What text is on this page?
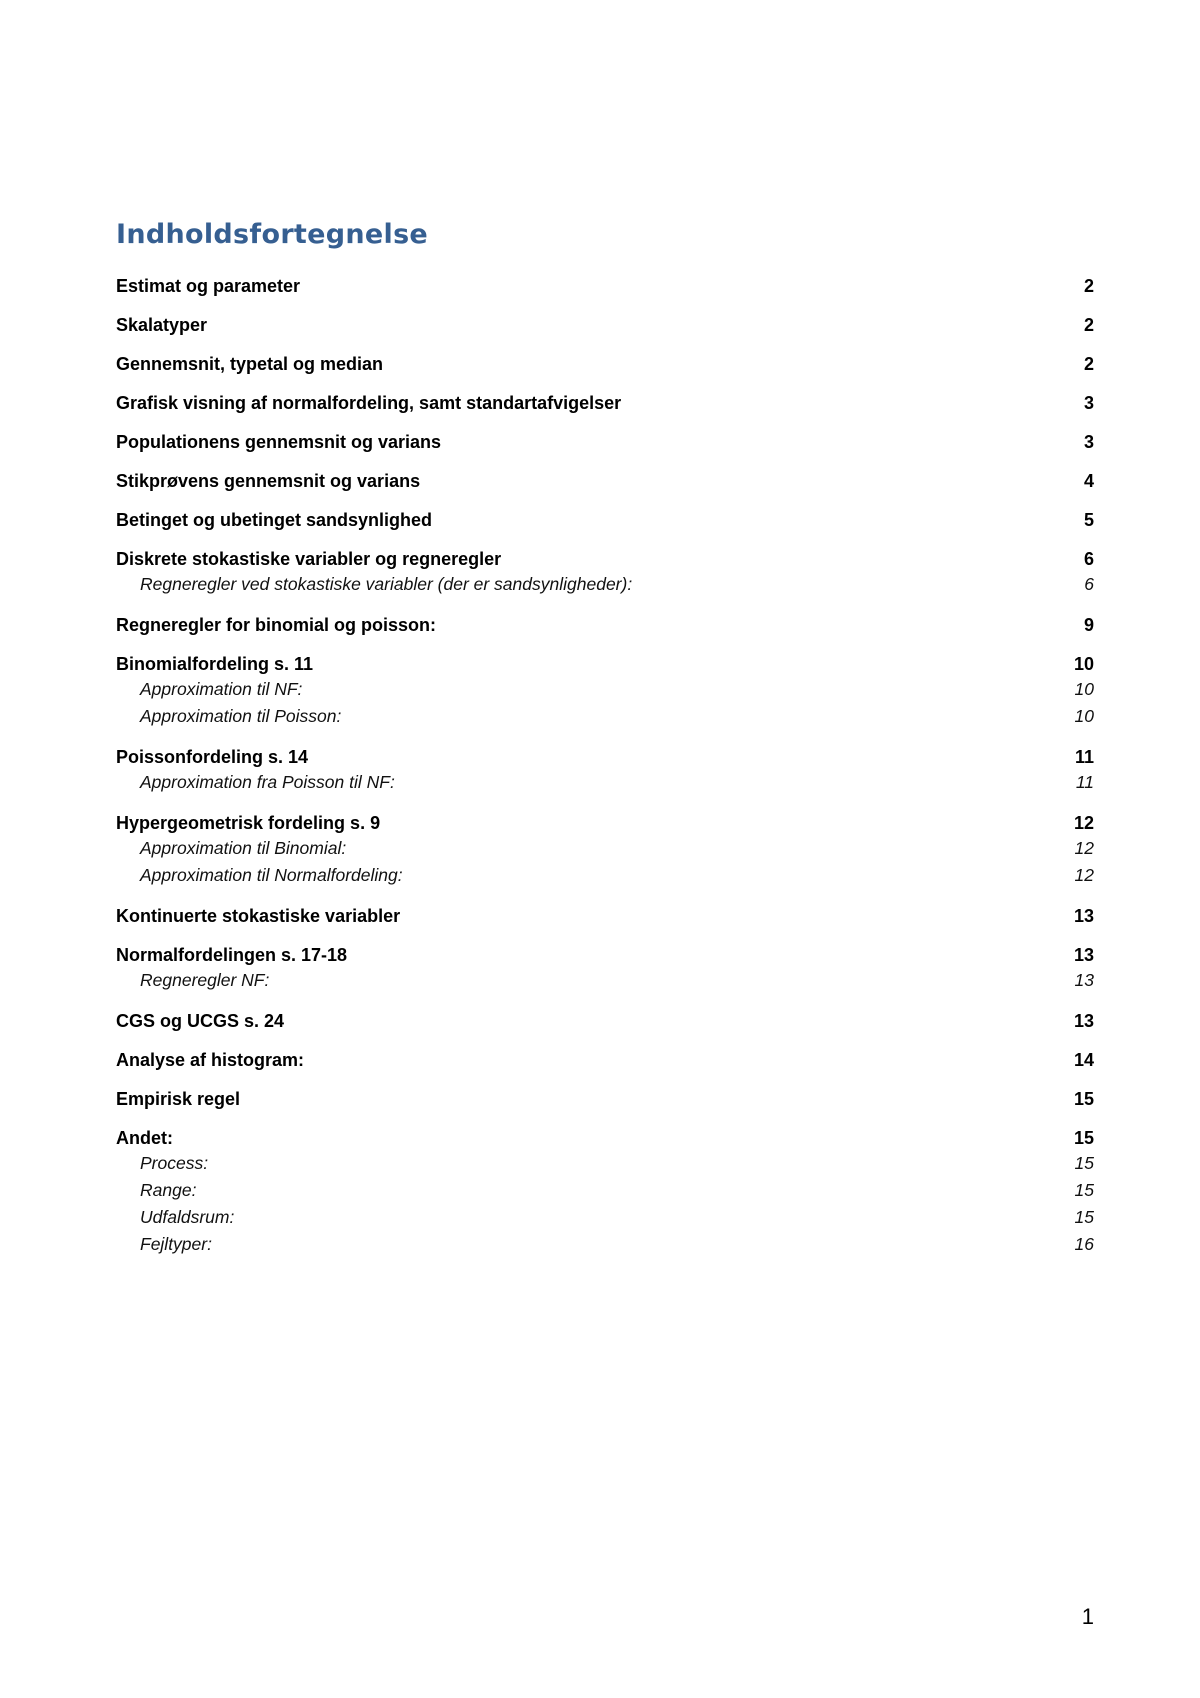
Indholdsfortegnelse
Estimat og parameter	2
Skalatyper	2
Gennemsnit, typetal og median	2
Grafisk visning af normalfordeling, samt standartafvigelser	3
Populationens gennemsnit og varians	3
Stikprøvens gennemsnit og varians	4
Betinget og ubetinget sandsynlighed	5
Diskrete stokastiske variabler og regneregler	6
Regneregler ved stokastiske variabler (der er sandsynligheder):	6
Regneregler for binomial og poisson:	9
Binomialfordeling s. 11	10
Approximation til NF:	10
Approximation til Poisson:	10
Poissonfordeling s. 14	11
Approximation fra Poisson til NF:	11
Hypergeometrisk fordeling s. 9	12
Approximation til Binomial:	12
Approximation til Normalfordeling:	12
Kontinuerte stokastiske variabler	13
Normalfordelingen s. 17-18	13
Regneregler NF:	13
CGS og UCGS s. 24	13
Analyse af histogram:	14
Empirisk regel	15
Andet:	15
Process:	15
Range:	15
Udfaldsrum:	15
Fejltyper:	16
1
